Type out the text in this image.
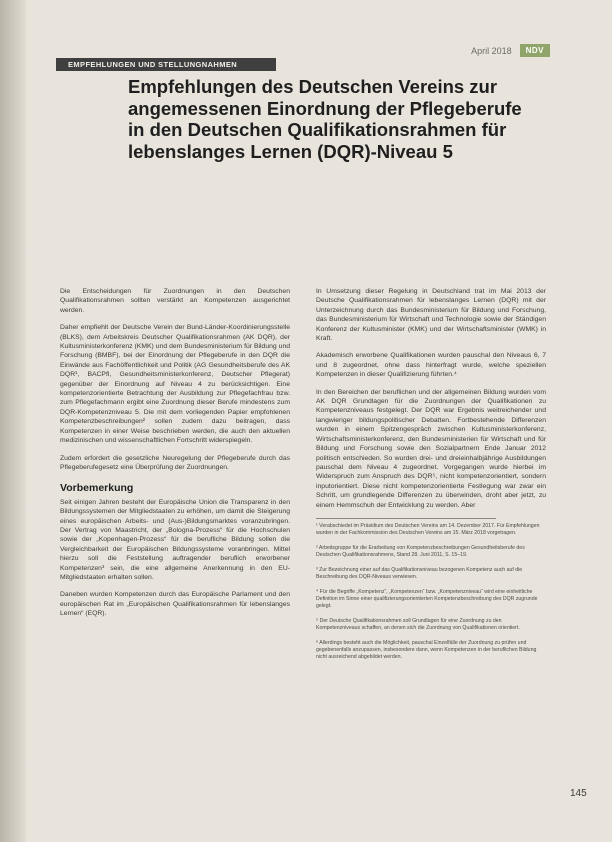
April 2018	NDV
EMPFEHLUNGEN UND STELLUNGNAHMEN
Empfehlungen des Deutschen Vereins zur angemessenen Einordnung der Pflegeberufe in den Deutschen Qualifikationsrahmen für lebenslanges Lernen (DQR)-Niveau 5

Die Entscheidungen für Zuordnungen in den Deutschen Qualifikationsrahmen sollten verstärkt an Kompetenzen ausgerichtet werden.

Daher empfiehlt der Deutsche Verein der Bund-Länder-Koordinierungsstelle (BLKS), dem Arbeitskreis Deutscher Qualifikationsrahmen (AK DQR), der Kultusministerkonferenz (KMK) und dem Bundesministerium für Bildung und Forschung (BMBF), bei der Einordnung der Pflegeberufe in den DQR die Einwände aus Fachöffentlichkeit und Politik (AG Gesundheitsberufe des AK DQR¹, BACPfl, Gesundheitsministerkonferenz, Deutscher Pflegerat) gegenüber der Einordnung auf Niveau 4 zu berücksichtigen. Eine kompetenzorientierte Betrachtung der Ausbildung zur Pflegefachfrau bzw. zum Pflegefachmann ergibt eine Zuordnung dieser Berufe mindestens zum DQR-Kompetenzniveau 5. Die mit dem vorliegenden Papier empfohlenen Kompetenzbeschreibungen² sollen zudem dazu beitragen, dass Kompetenzen in einer Weise beschrieben werden, die auch den aktuellen medizinischen und wissenschaftlichen Fortschritt widerspiegeln.

Zudem erfordert die gesetzliche Neuregelung der Pflegeberufe durch das Pflegeberufegesetz eine Überprüfung der Zuordnungen.

Vorbemerkung

Seit einigen Jahren besteht der Europäische Union die Transparenz in den Bildungssystemen der Mitgliedstaaten zu erhöhen, um damit die Steigerung eines europäischen Arbeits- und (Aus-)Bildungsmarktes voranzubringen. Der Vertrag von Maastricht, der „Bologna-Prozess“ für die Hochschulen sowie der „Kopenhagen-Prozess“ für die berufliche Bildung sollen die Vergleichbarkeit der Europäischen Bildungssysteme voranbringen. Mittel hierzu soll die Feststellung auftragender beruflich erworbener Kompetenzen³ sein, die eine allgemeine Anerkennung in den EU-Mitgliedstaaten erhalten sollen.

Daneben wurden Kompetenzen durch das Europäische Parlament und den europäischen Rat im „Europäischen Qualifikationsrahmen für lebenslanges Lernen“ (EQR).

In Umsetzung dieser Regelung in Deutschland trat im Mai 2013 der Deutsche Qualifikationsrahmen für lebenslanges Lernen (DQR) mit der Unterzeichnung durch das Bundesministerium für Bildung und Forschung, das Bundesministerium für Wirtschaft und Technologie sowie der Ständigen Konferenz der Kultusminister (KMK) und der Wirtschaftsminister (WMK) in Kraft.

Akademisch erworbene Qualifikationen wurden pauschal den Niveaus 6, 7 und 8 zugeordnet, ohne dass hinterfragt wurde, welche speziellen Kompetenzen in dieser Qualifizierung führten.⁴

In den Bereichen der beruflichen und der allgemeinen Bildung wurden vom AK DQR Grundlagen für die Zuordnungen der Qualifikationen zu Kompetenzniveaus festgelegt. Der DQR war Ergebnis weitreichender und langwieriger bildungspolitischer Debatten. Fortbestehende Differenzen wurden in einem Spitzengespräch zwischen Kultusministerkonferenz, Wirtschaftsministerkonferenz, den Bundesministerien für Wirtschaft und für Bildung und Forschung sowie den Sozialpartnern Ende Januar 2012 politisch entschieden. So wurden drei- und dreieinhalbjährige Ausbildungen pauschal dem Niveau 4 zugeordnet. Vorgegangen wurde hierbei im Widerspruch zum Anspruch des DQR⁵, nicht kompetenzorientiert, sondern inputorientiert. Diese nicht kompetenzorientierte Festlegung war zwar ein Schritt, um grundlegende Differenzen zu überwinden, droht aber jetzt, zu einem Hemmschuh der Entwicklung zu werden. Aber

¹ Verabschiedet im Präsidium des Deutschen Vereins am 14. Dezember 2017. Für Empfehlungen wurden in der Fachkommission des Deutschen Vereins am 15. März 2018 vorgetragen.

² Arbeitsgruppe für die Erarbeitung von Kompetenzbeschreibungen Gesundheitsberufe des Deutschen Qualifikationsrahmens, Stand 28. Juni 2011, S. 15–19.

³ Zur Bezeichnung einer auf das Qualifikationsniveau bezogenen Kompetenz auch auf die Beschreibung des DQR-Niveaus verwiesen.

⁴ Für die Begriffe „Kompetenz“, „Kompetenzen“ bzw. „Kompetenzniveau“ wird eine einheitliche Definition im Sinne einer qualifizierungsorientierten Kompetenzbeschreibung des DQR zugrunde gelegt.

⁵ Der Deutsche Qualifikationsrahmen soll Grundlagen für eine Zuordnung zu den Kompetenzniveaus schaffen, an denen sich die Zuordnung von Qualifikationen orientiert.

⁶ Allerdings besteht auch die Möglichkeit, pauschal Einzelfälle der Zuordnung zu prüfen und gegebenenfalls anzupassen, insbesondere dann, wenn Kompetenzen in der beruflichen Bildung nicht ausreichend abgebildet werden.

145
